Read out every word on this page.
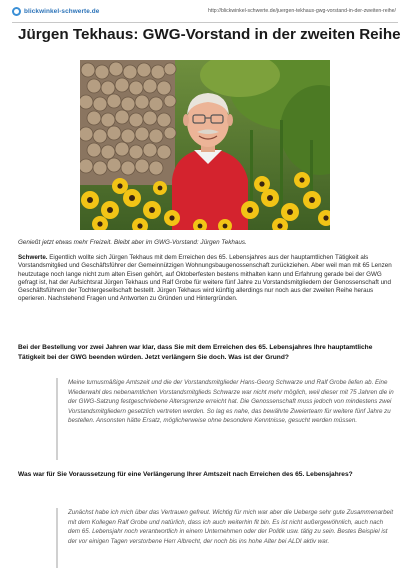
blickwinkel-schwerte.de	http://blickwinkel-schwerte.de/juergen-tekhaus-gwg-vorstand-in-der-zweiten-reihe/
Jürgen Tekhaus: GWG-Vorstand in der zweiten Reihe

Genießt jetzt etwas mehr Freizeit. Bleibt aber im GWG-Vorstand: Jürgen Tekhaus.

Schwerte. Eigentlich wollte sich Jürgen Tekhaus mit dem Erreichen des 65. Lebensjahres aus der hauptamtlichen Tätigkeit als Vorstandsmitglied und Geschäftsführer der Gemeinnützigen Wohnungsbaugenossenschaft zurückziehen. Aber weil man mit 65 Lenzen heutzutage noch lange nicht zum alten Eisen gehört, auf Oktoberfesten bestens mithalten kann und Erfahrung gerade bei der GWG gefragt ist, hat der Aufsichtsrat Jürgen Tekhaus und Ralf Grobe für weitere fünf Jahre zu Vorstandsmitgliedern der Genossenschaft und Geschäftsführern der Tochtergesellschaft bestellt. Jürgen Tekhaus wird künftig allerdings nur noch aus der zweiten Reihe heraus operieren. Nachstehend Fragen und Antworten zu Gründen und Hintergründen.

Bei der Bestellung vor zwei Jahren war klar, dass Sie mit dem Erreichen des 65. Lebensjahres Ihre hauptamtliche Tätigkeit bei der GWG beenden würden. Jetzt verlängern Sie doch. Was ist der Grund?

Meine turnusmäßige Amtszeit und die der Vorstandsmitglieder Hans-Georg Schwarze und Ralf Grobe liefen ab. Eine Wiederwahl des nebenamtlichen Vorstandsmitglieds Schwarze war nicht mehr möglich, weil dieser mit 75 Jahren die in der GWG-Satzung festgeschriebene Altersgrenze erreicht hat. Die Genossenschaft muss jedoch von mindestens zwei Vorstandsmitgliedern gesetzlich vertreten werden. So lag es nahe, das bewährte Zweierteam für weitere fünf Jahre zu bestellen. Ansonsten hätte Ersatz, möglicherweise ohne besondere Kenntnisse, gesucht werden müssen.

Was war für Sie Voraussetzung für eine Verlängerung Ihrer Amtszeit nach Erreichen des 65. Lebensjahres?

Zunächst habe ich mich über das Vertrauen gefreut. Wichtig für mich war aber die Ueberge sehr gute Zusammenarbeit mit dem Kollegen Ralf Grobe und natürlich, dass ich auch weiterhin fit bin. Es ist nicht außergewöhnlich, auch nach dem 65. Lebensjahr noch verantwortlich in einem Unternehmen oder der Politik usw. tätig zu sein. Bestes Beispiel ist der vor einigen Tagen verstorbene Herr Albrecht, der noch bis ins hohe Alter bei ALDI aktiv war.
